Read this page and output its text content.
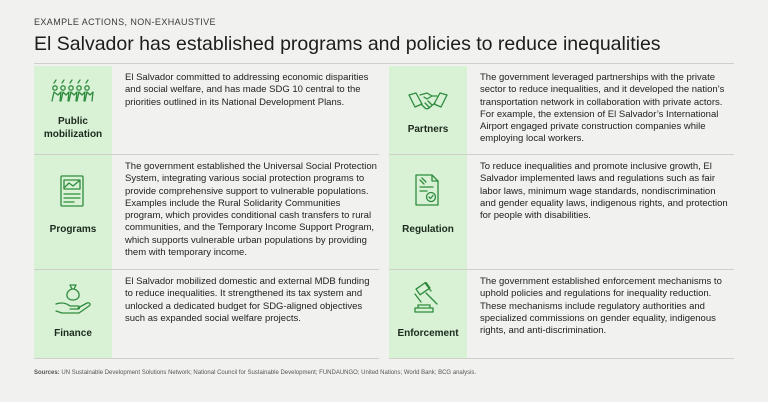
EXAMPLE ACTIONS, NON-EXHAUSTIVE
El Salvador has established programs and policies to reduce inequalities
Public mobilization
El Salvador committed to addressing economic disparities and social welfare, and has made SDG 10 central to the priorities outlined in its National Development Plans.
Programs
The government established the Universal Social Protection System, integrating various social protection programs to provide comprehensive support to vulnerable populations. Examples include the Rural Solidarity Communities program, which provides conditional cash transfers to rural communities, and the Temporary Income Support Program, which supports vulnerable urban populations by providing them with temporary income.
Finance
El Salvador mobilized domestic and external MDB funding to reduce inequalities. It strengthened its tax system and unlocked a dedicated budget for SDG-aligned objectives such as expanded social welfare projects.
Partners
The government leveraged partnerships with the private sector to reduce inequalities, and it developed the nation’s transportation network in collaboration with private actors. For example, the extension of El Salvador’s International Airport engaged private construction companies while employing local workers.
Regulation
To reduce inequalities and promote inclusive growth, El Salvador implemented laws and regulations such as fair labor laws, minimum wage standards, nondiscrimination and gender equality laws, indigenous rights, and protection for people with disabilities.
Enforcement
The government established enforcement mechanisms to uphold policies and regulations for inequality reduction. These mechanisms include regulatory authorities and specialized commissions on gender equality, indigenous rights, and anti-discrimination.
Sources: UN Sustainable Development Solutions Network; National Council for Sustainable Development; FUNDAUNGO; United Nations; World Bank; BCG analysis.
